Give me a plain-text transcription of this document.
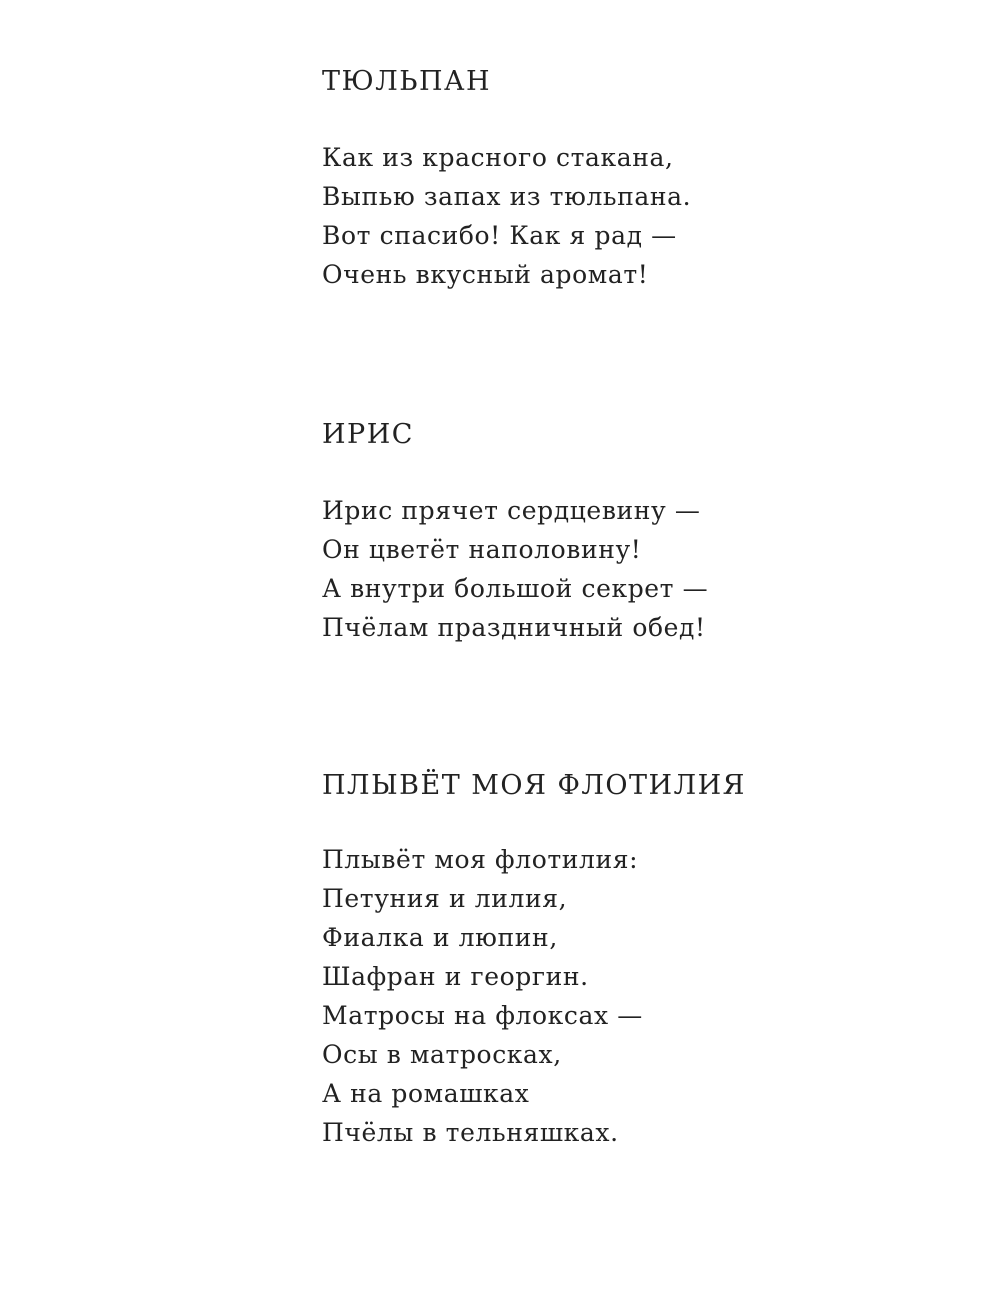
ТЮЛЬПАН
Как из красного стакана,
Выпью запах из тюльпана.
Вот спасибо! Как я рад —
Очень вкусный аромат!
ИРИС
Ирис прячет сердцевину —
Он цветёт наполовину!
А внутри большой секрет —
Пчёлам праздничный обед!
ПЛЫВЁТ МОЯ ФЛОТИЛИЯ
Плывёт моя флотилия:
Петуния и лилия,
Фиалка и люпин,
Шафран и георгин.
Матросы на флоксах —
Осы в матросках,
А на ромашках
Пчёлы в тельняшках.
